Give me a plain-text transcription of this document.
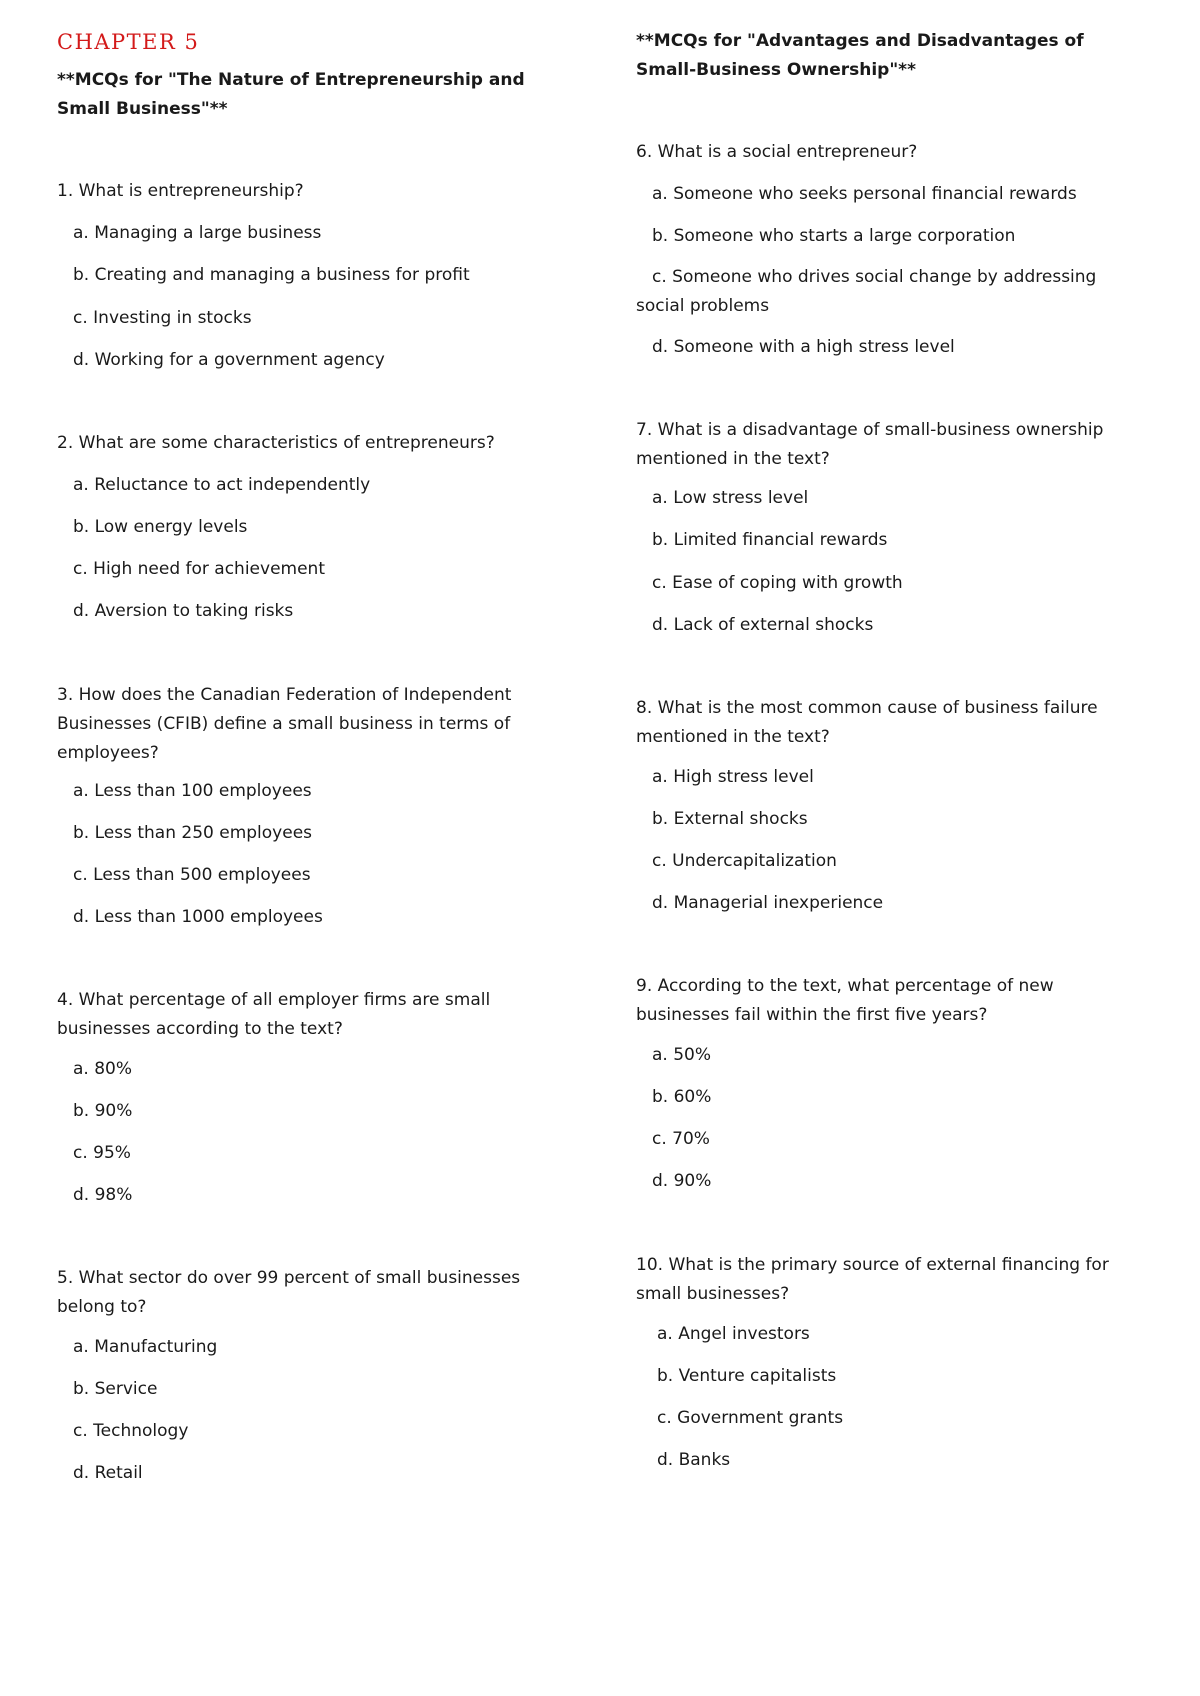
CHAPTER 5
**MCQs for "The Nature of Entrepreneurship and Small Business"**
1. What is entrepreneurship?
a. Managing a large business
b. Creating and managing a business for profit
c. Investing in stocks
d. Working for a government agency
2. What are some characteristics of entrepreneurs?
a. Reluctance to act independently
b. Low energy levels
c. High need for achievement
d. Aversion to taking risks
3. How does the Canadian Federation of Independent Businesses (CFIB) define a small business in terms of employees?
a. Less than 100 employees
b. Less than 250 employees
c. Less than 500 employees
d. Less than 1000 employees
4. What percentage of all employer firms are small businesses according to the text?
a. 80%
b. 90%
c. 95%
d. 98%
5. What sector do over 99 percent of small businesses belong to?
a. Manufacturing
b. Service
c. Technology
d. Retail
**MCQs for "Advantages and Disadvantages of Small-Business Ownership"**
6. What is a social entrepreneur?
a. Someone who seeks personal financial rewards
b. Someone who starts a large corporation
c. Someone who drives social change by addressing social problems
d. Someone with a high stress level
7. What is a disadvantage of small-business ownership mentioned in the text?
a. Low stress level
b. Limited financial rewards
c. Ease of coping with growth
d. Lack of external shocks
8. What is the most common cause of business failure mentioned in the text?
a. High stress level
b. External shocks
c. Undercapitalization
d. Managerial inexperience
9. According to the text, what percentage of new businesses fail within the first five years?
a. 50%
b. 60%
c. 70%
d. 90%
10. What is the primary source of external financing for small businesses?
a. Angel investors
b. Venture capitalists
c. Government grants
d. Banks
